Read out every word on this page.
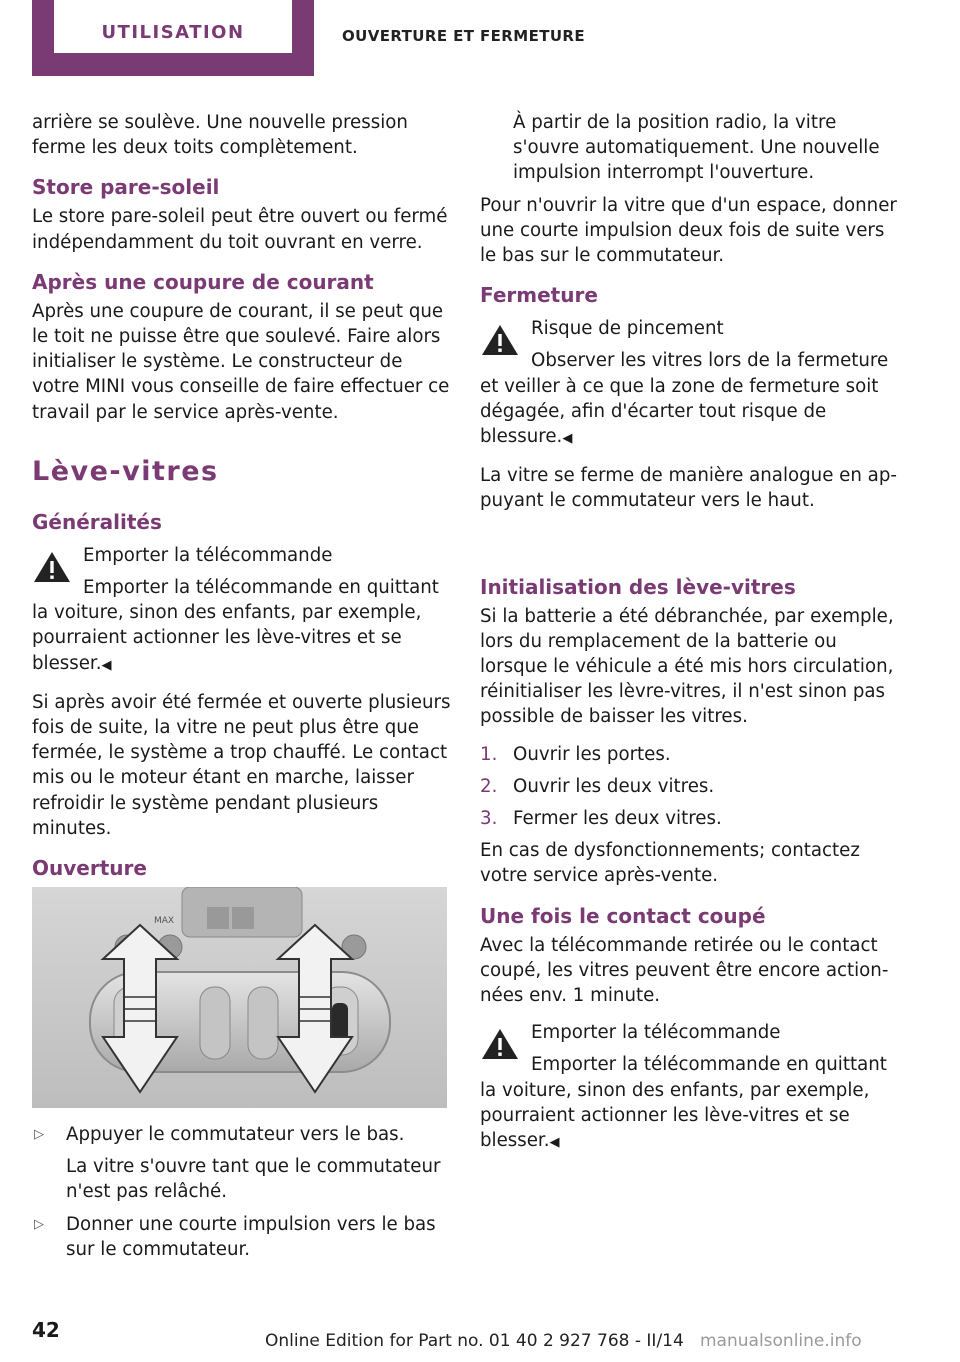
UTILISATION	OUVERTURE ET FERMETURE
arrière se soulève. Une nouvelle pression ferme les deux toits complètement.
Store pare-soleil
Le store pare-soleil peut être ouvert ou fermé indépendamment du toit ouvrant en verre.
Après une coupure de courant
Après une coupure de courant, il se peut que le toit ne puisse être que soulevé. Faire alors initialiser le système. Le constructeur de votre MINI vous conseille de faire effectuer ce travail par le service après-vente.
Lève-vitres
Généralités
Emporter la télécommande
Emporter la télécommande en quittant la voiture, sinon des enfants, par exemple, pourraient actionner les lève-vitres et se blesser.◀
Si après avoir été fermée et ouverte plusieurs fois de suite, la vitre ne peut plus être que fermée, le système a trop chauffé. Le contact mis ou le moteur étant en marche, laisser refroidir le système pendant plusieurs minutes.
Ouverture
MAX
▷ Appuyer le commutateur vers le bas.
La vitre s'ouvre tant que le commutateur n'est pas relâché.
▷ Donner une courte impulsion vers le bas sur le commutateur.
À partir de la position radio, la vitre s'ouvre automatiquement. Une nouvelle impulsion interrompt l'ouverture.
Pour n'ouvrir la vitre que d'un espace, donner une courte impulsion deux fois de suite vers le bas sur le commutateur.
Fermeture
Risque de pincement
Observer les vitres lors de la fermeture et veiller à ce que la zone de fermeture soit dégagée, afin d'écarter tout risque de blessure.◀
La vitre se ferme de manière analogue en appuyant le commutateur vers le haut.
Initialisation des lève-vitres
Si la batterie a été débranchée, par exemple, lors du remplacement de la batterie ou lorsque le véhicule a été mis hors circulation, réinitialiser les lèvre-vitres, il n'est sinon pas possible de baisser les vitres.
1. Ouvrir les portes.
2. Ouvrir les deux vitres.
3. Fermer les deux vitres.
En cas de dysfonctionnements; contactez votre service après-vente.
Une fois le contact coupé
Avec la télécommande retirée ou le contact coupé, les vitres peuvent être encore actionnées env. 1 minute.
Emporter la télécommande
Emporter la télécommande en quittant la voiture, sinon des enfants, par exemple, pourraient actionner les lève-vitres et se blesser.◀
42	Online Edition for Part no. 01 40 2 927 768 - II/14 manualsonline.info
